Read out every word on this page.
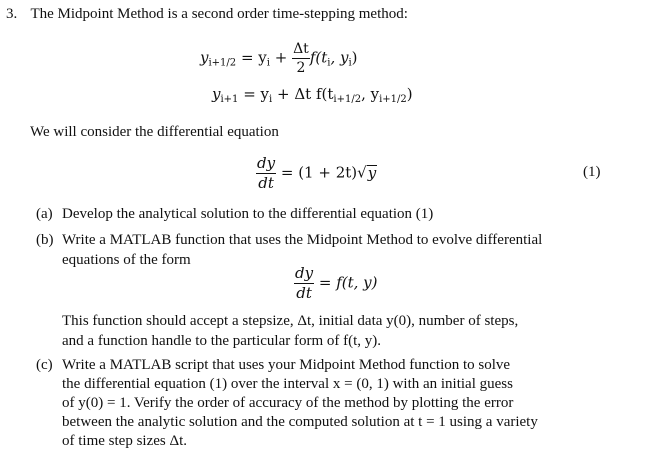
3. The Midpoint Method is a second order time-stepping method:
$y_{i+1/2} = y_i + \frac{\Delta t}{2} f(t_i$, $y_i$)
$y_{i+1} = y_i + \Delta t$ $f(t_{i+1/2}$, $y_{i+1/2}$)
We will consider the differential equation
$\frac{dy}{dt} = (1 + 2t)√y$	(1)
(a) Develop the analytical solution to the differential equation (1)
(b) Write a MATLAB function that uses the Midpoint Method to evolve differential
equations of the form
$\frac{dy}{dt} = f(t$, y)
This function should accept a stepsize, Δt, initial data y(0), number of steps,
and a function handle to the particular form of f(t, y).
(c) Write a MATLAB script that uses your Midpoint Method function to solve
the differential equation (1) over the interval x = (0, 1) with an initial guess
of y(0) = 1. Verify the order of accuracy of the method by plotting the error
between the analytic solution and the computed solution at t = 1 using a variety
of time step sizes Δt.
